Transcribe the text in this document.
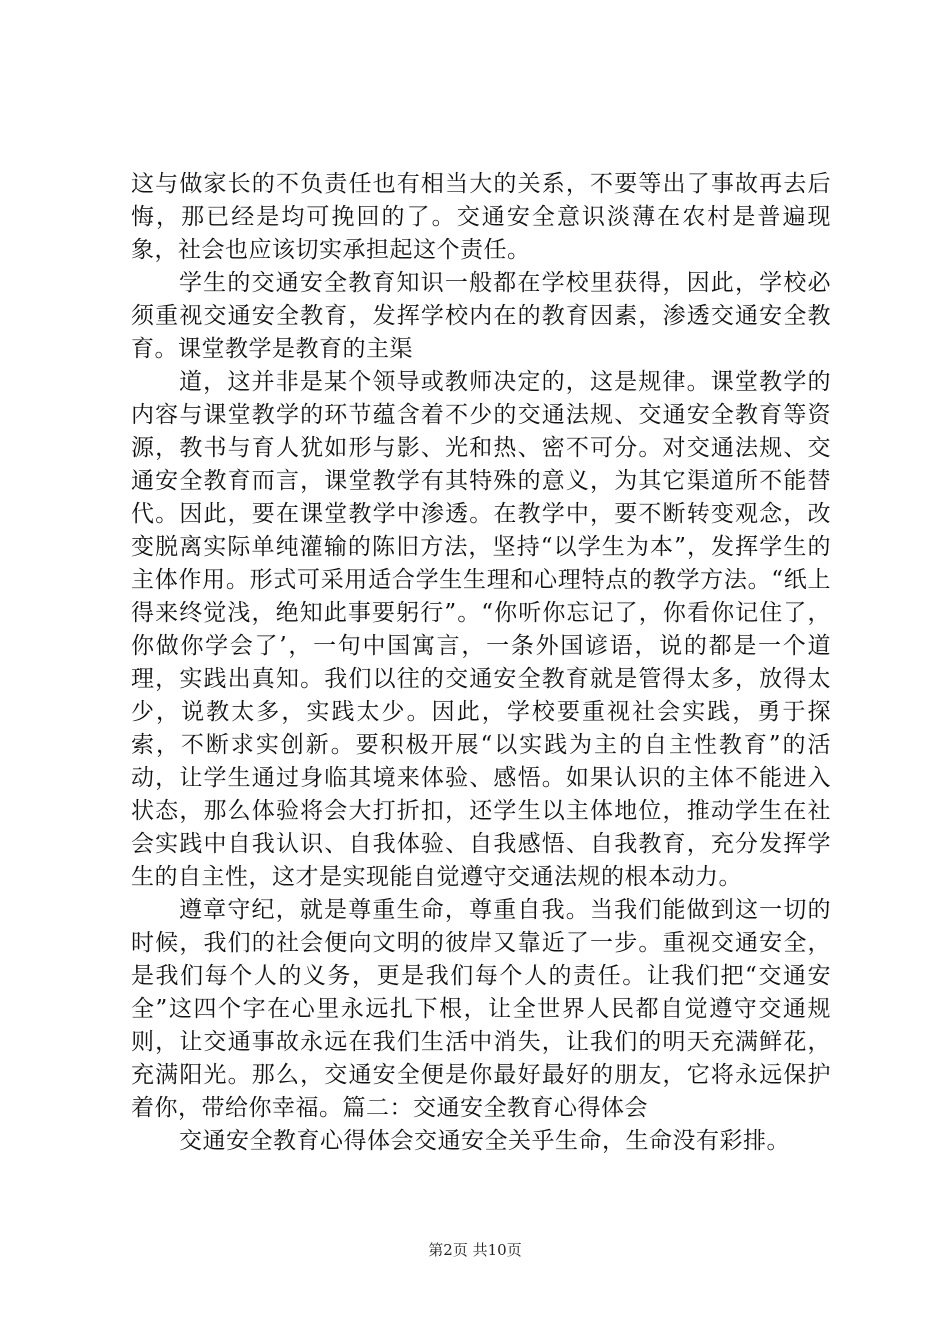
这与做家长的不负责任也有相当大的关系，不要等出了事故再去后悔，那已经是均可挽回的了。交通安全意识淡薄在农村是普遍现象，社会也应该切实承担起这个责任。

学生的交通安全教育知识一般都在学校里获得，因此，学校必须重视交通安全教育，发挥学校内在的教育因素，渗透交通安全教育。课堂教学是教育的主渠

道，这并非是某个领导或教师决定的，这是规律。课堂教学的内容与课堂教学的环节蕴含着不少的交通法规、交通安全教育等资源，教书与育人犹如形与影、光和热、密不可分。对交通法规、交通安全教育而言，课堂教学有其特殊的意义，为其它渠道所不能替代。因此，要在课堂教学中渗透。在教学中，要不断转变观念，改变脱离实际单纯灌输的陈旧方法，坚持“以学生为本”，发挥学生的主体作用。形式可采用适合学生生理和心理特点的教学方法。“纸上得来终觉浅，绝知此事要躬行”。“你听你忘记了，你看你记住了，你做你学会了’，一句中国寓言，一条外国谚语，说的都是一个道理，实践出真知。我们以往的交通安全教育就是管得太多，放得太少，说教太多，实践太少。因此，学校要重视社会实践，勇于探索，不断求实创新。要积极开展“以实践为主的自主性教育”的活动，让学生通过身临其境来体验、感悟。如果认识的主体不能进入状态，那么体验将会大打折扣，还学生以主体地位，推动学生在社会实践中自我认识、自我体验、自我感悟、自我教育，充分发挥学生的自主性，这才是实现能自觉遵守交通法规的根本动力。

遵章守纪，就是尊重生命，尊重自我。当我们能做到这一切的时候，我们的社会便向文明的彼岸又靠近了一步。重视交通安全，是我们每个人的义务，更是我们每个人的责任。让我们把“交通安全”这四个字在心里永远扎下根，让全世界人民都自觉遵守交通规则，让交通事故永远在我们生活中消失，让我们的明天充满鲜花，充满阳光。那么，交通安全便是你最好最好的朋友，它将永远保护着你，带给你幸福。篇二：交通安全教育心得体会

交通安全教育心得体会交通安全关乎生命，生命没有彩排。

第2页 共10页
